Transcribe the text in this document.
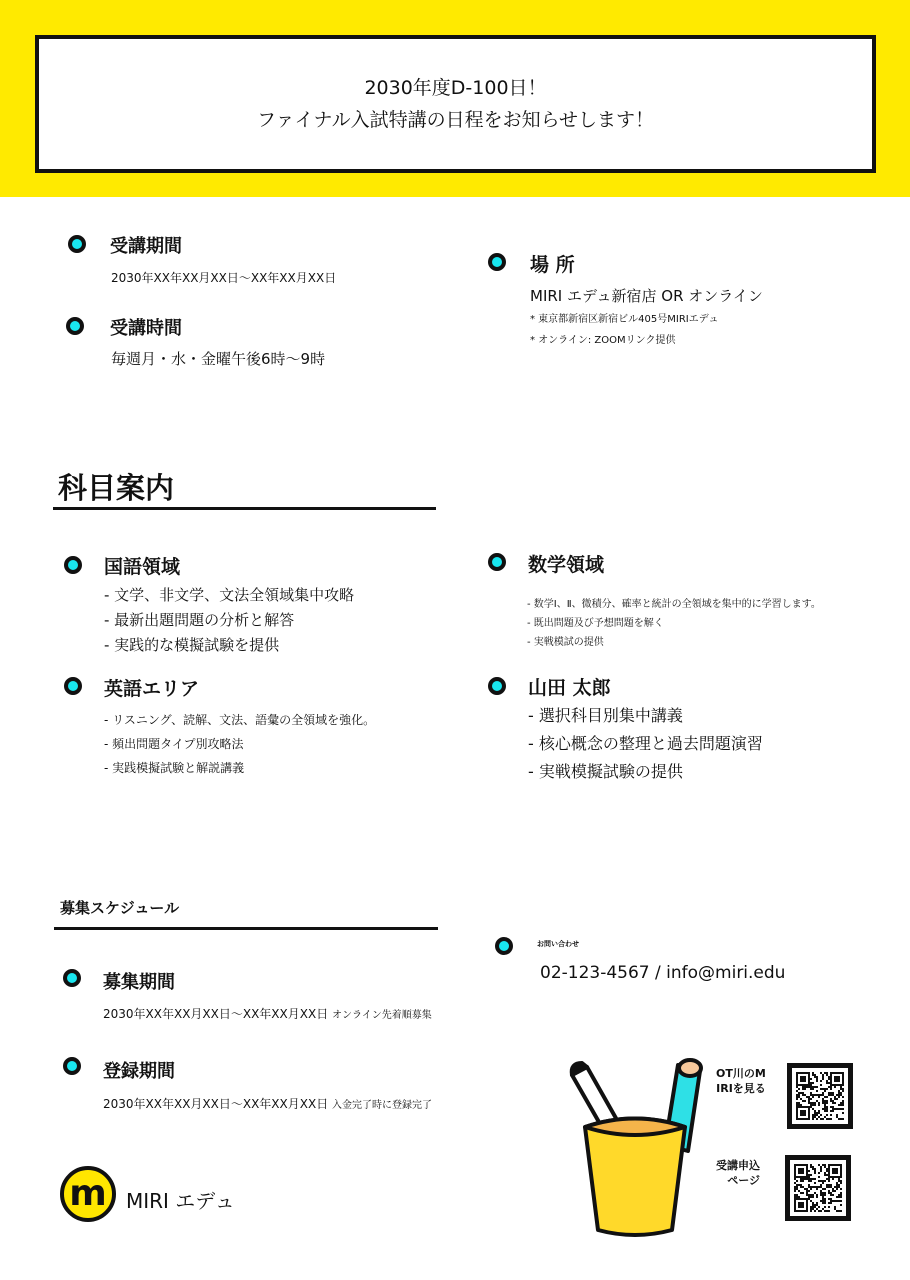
2030年度D-100日！
ファイナル入試特講の日程をお知らせします！
受講期間
2030年XX年XX月XX日～XX年XX月XX日
受講時間
毎週月・水・金曜午後6時～9時
場 所
MIRI エデュ新宿店 OR オンライン
* 東京都新宿区新宿ビル405号MIRIエデュ
* オンライン: ZOOMリンク提供
科目案内
国語領域
- 文学、非文学、文法全領域集中攻略
- 最新出題問題の分析と解答
- 実践的な模擬試験を提供
数学領域
- 数学Ⅰ、Ⅱ、微積分、確率と統計の全領域を集中的に学習します。
- 既出問題及び予想問題を解く
- 実戦模試の提供
英語エリア
- リスニング、読解、文法、語彙の全領域を強化。
- 頻出問題タイプ別攻略法
- 実践模擬試験と解説講義
山田 太郎
- 選択科目別集中講義
- 核心概念の整理と過去問題演習
- 実戦模擬試験の提供
募集スケジュール
募集期間
2030年XX年XX月XX日～XX年XX月XX日 オンライン先着順募集
登録期間
2030年XX年XX月XX日～XX年XX月XX日 入金完了時に登録完了
お問い合わせ
02-123-4567 / info@miri.edu
OT川のM
IRIを見る
受講申込
ページ
m MIRI エデュ
